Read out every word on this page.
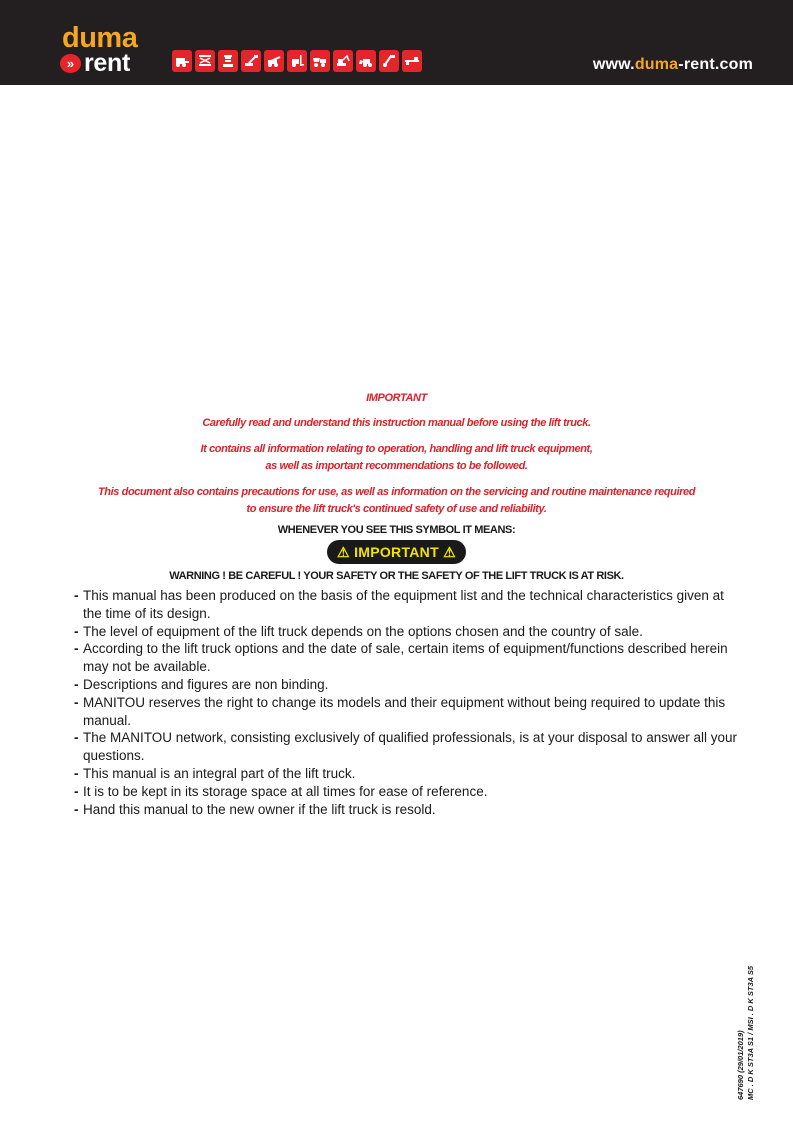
duma
» rent	www.duma-rent.com
IMPORTANT
Carefully read and understand this instruction manual before using the lift truck.
It contains all information relating to operation, handling and lift truck equipment,
as well as important recommendations to be followed.
This document also contains precautions for use, as well as information on the servicing and routine maintenance required
to ensure the lift truck's continued safety of use and reliability.
WHENEVER YOU SEE THIS SYMBOL IT MEANS:
⚠ IMPORTANT ⚠
WARNING ! BE CAREFUL ! YOUR SAFETY OR THE SAFETY OF THE LIFT TRUCK IS AT RISK.
- This manual has been produced on the basis of the equipment list and the technical characteristics given at the time of its design.
- The level of equipment of the lift truck depends on the options chosen and the country of sale.
- According to the lift truck options and the date of sale, certain items of equipment/functions described herein may not be available.
- Descriptions and figures are non binding.
- MANITOU reserves the right to change its models and their equipment without being required to update this manual.
- The MANITOU network, consisting exclusively of qualified professionals, is at your disposal to answer all your questions.
- This manual is an integral part of the lift truck.
- It is to be kept in its storage space at all times for ease of reference.
- Hand this manual to the new owner if the lift truck is resold.
647690 (29/01/2019) MC . D K ST3A S1 / MSI . D K ST3A S5
